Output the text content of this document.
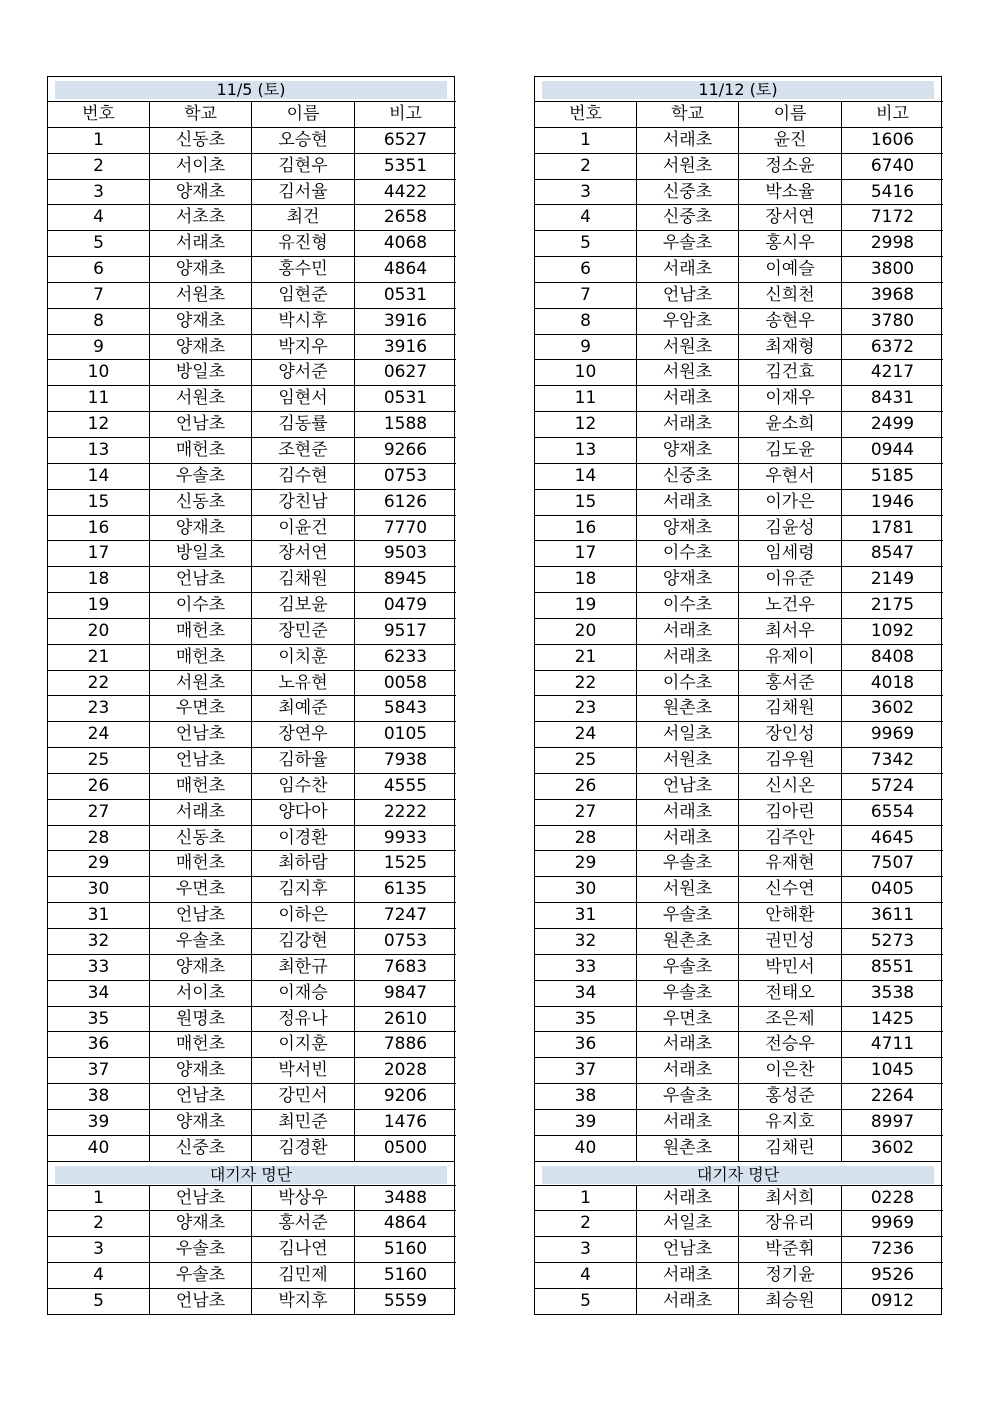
11/5 (토)
번호	학교	이름	비고
1	신동초	오승현	6527
2	서이초	김현우	5351
3	양재초	김서율	4422
4	서초초	최건	2658
5	서래초	유진형	4068
6	양재초	홍수민	4864
7	서원초	임현준	0531
8	양재초	박시후	3916
9	양재초	박지우	3916
10	방일초	양서준	0627
11	서원초	임현서	0531
12	언남초	김동률	1588
13	매헌초	조현준	9266
14	우솔초	김수현	0753
15	신동초	강친남	6126
16	양재초	이윤건	7770
17	방일초	장서연	9503
18	언남초	김채원	8945
19	이수초	김보윤	0479
20	매헌초	장민준	9517
21	매헌초	이치훈	6233
22	서원초	노유현	0058
23	우면초	최예준	5843
24	언남초	장연우	0105
25	언남초	김하율	7938
26	매헌초	임수찬	4555
27	서래초	양다아	2222
28	신동초	이경환	9933
29	매헌초	최하람	1525
30	우면초	김지후	6135
31	언남초	이하은	7247
32	우솔초	김강현	0753
33	양재초	최한규	7683
34	서이초	이재승	9847
35	원명초	정유나	2610
36	매헌초	이지훈	7886
37	양재초	박서빈	2028
38	언남초	강민서	9206
39	양재초	최민준	1476
40	신중초	김경환	0500
대기자 명단
1	언남초	박상우	3488
2	양재초	홍서준	4864
3	우솔초	김나연	5160
4	우솔초	김민제	5160
5	언남초	박지후	5559
11/12 (토)
번호	학교	이름	비고
1	서래초	윤진	1606
2	서원초	정소윤	6740
3	신중초	박소율	5416
4	신중초	장서연	7172
5	우솔초	홍시우	2998
6	서래초	이예슬	3800
7	언남초	신희천	3968
8	우암초	송현우	3780
9	서원초	최재형	6372
10	서원초	김건효	4217
11	서래초	이재우	8431
12	서래초	윤소희	2499
13	양재초	김도윤	0944
14	신중초	우현서	5185
15	서래초	이가은	1946
16	양재초	김윤성	1781
17	이수초	임세령	8547
18	양재초	이유준	2149
19	이수초	노건우	2175
20	서래초	최서우	1092
21	서래초	유제이	8408
22	이수초	홍서준	4018
23	원촌초	김채원	3602
24	서일초	장인성	9969
25	서원초	김우원	7342
26	언남초	신시온	5724
27	서래초	김아린	6554
28	서래초	김주안	4645
29	우솔초	유재현	7507
30	서원초	신수연	0405
31	우솔초	안해환	3611
32	원촌초	권민성	5273
33	우솔초	박민서	8551
34	우솔초	전태오	3538
35	우면초	조은제	1425
36	서래초	전승우	4711
37	서래초	이은찬	1045
38	우솔초	홍성준	2264
39	서래초	유지호	8997
40	원촌초	김채린	3602
대기자 명단
1	서래초	최서희	0228
2	서일초	장유리	9969
3	언남초	박준휘	7236
4	서래초	정기윤	9526
5	서래초	최승원	0912
